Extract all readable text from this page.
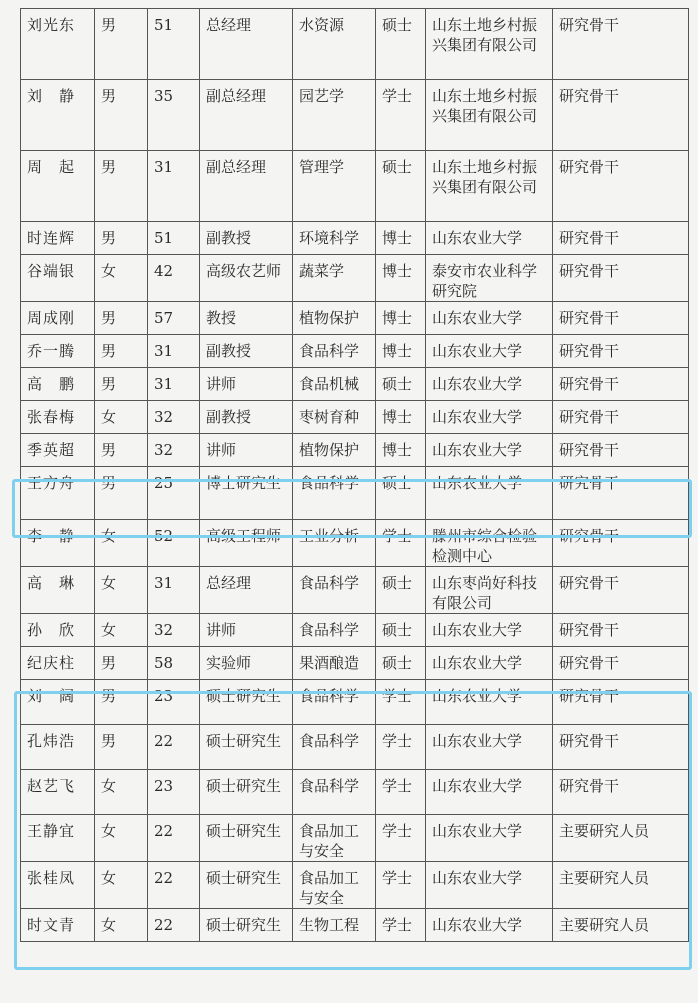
刘光东	男	51	总经理	水资源	硕士	山东土地乡村振兴集团有限公司	研究骨干
刘　静	男	35	副总经理	园艺学	学士	山东土地乡村振兴集团有限公司	研究骨干
周　起	男	31	副总经理	管理学	硕士	山东土地乡村振兴集团有限公司	研究骨干
时连辉	男	51	副教授	环境科学	博士	山东农业大学	研究骨干
谷端银	女	42	高级农艺师	蔬菜学	博士	泰安市农业科学研究院	研究骨干
周成刚	男	57	教授	植物保护	博士	山东农业大学	研究骨干
乔一腾	男	31	副教授	食品科学	博士	山东农业大学	研究骨干
高　鹏	男	31	讲师	食品机械	硕士	山东农业大学	研究骨干
张春梅	女	32	副教授	枣树育种	博士	山东农业大学	研究骨干
季英超	男	32	讲师	植物保护	博士	山东农业大学	研究骨干
王方舟	男	25	博士研究生	食品科学	硕士	山东农业大学	研究骨干
李　静	女	52	高级工程师	工业分析	学士	滕州市综合检验检测中心	研究骨干
高　琳	女	31	总经理	食品科学	硕士	山东枣尚好科技有限公司	研究骨干
孙　欣	女	32	讲师	食品科学	硕士	山东农业大学	研究骨干
纪庆柱	男	58	实验师	果酒酿造	硕士	山东农业大学	研究骨干
刘　阔	男	23	硕士研究生	食品科学	学士	山东农业大学	研究骨干
孔炜浩	男	22	硕士研究生	食品科学	学士	山东农业大学	研究骨干
赵艺飞	女	23	硕士研究生	食品科学	学士	山东农业大学	研究骨干
王静宜	女	22	硕士研究生	食品加工与安全	学士	山东农业大学	主要研究人员
张桂凤	女	22	硕士研究生	食品加工与安全	学士	山东农业大学	主要研究人员
时文青	女	22	硕士研究生	生物工程	学士	山东农业大学	主要研究人员
